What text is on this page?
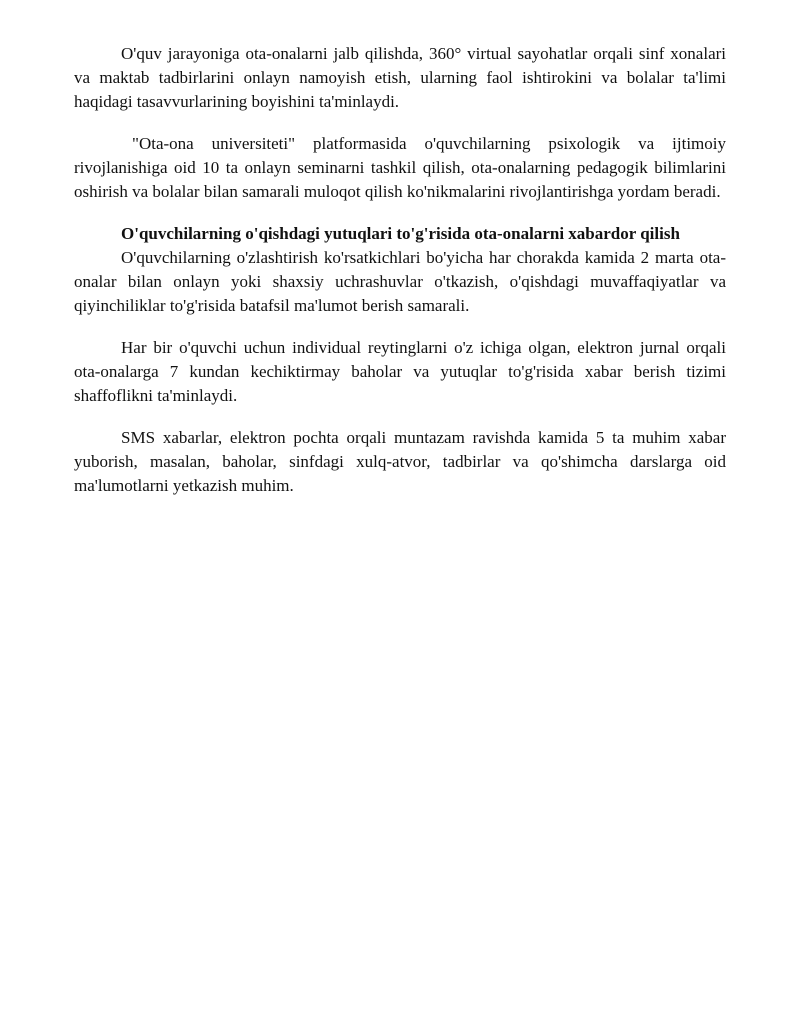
O'quv jarayoniga ota-onalarni jalb qilishda, 360° virtual sayohatlar orqali sinf xonalari va maktab tadbirlarini onlayn namoyish etish, ularning faol ishtirokini va bolalar ta'limi haqidagi tasavvurlarining boyishini ta'minlaydi.

"Ota-ona universiteti" platformasida o'quvchilarning psixologik va ijtimoiy rivojlanishiga oid 10 ta onlayn seminarni tashkil qilish, ota-onalarning pedagogik bilimlarini oshirish va bolalar bilan samarali muloqot qilish ko'nikmalarini rivojlantirishga yordam beradi.

O'quvchilarning o'qishdagi yutuqlari to'g'risida ota-onalarni xabardor qilish

O'quvchilarning o'zlashtirish ko'rsatkichlari bo'yicha har chorakda kamida 2 marta ota-onalar bilan onlayn yoki shaxsiy uchrashuvlar o'tkazish, o'qishdagi muvaffaqiyatlar va qiyinchiliklar to'g'risida batafsil ma'lumot berish samarali.

Har bir o'quvchi uchun individual reytinglarni o'z ichiga olgan, elektron jurnal orqali ota-onalarga 7 kundan kechiktirmay baholar va yutuqlar to'g'risida xabar berish tizimi shaffoflikni ta'minlaydi.

SMS xabarlar, elektron pochta orqali muntazam ravishda kamida 5 ta muhim xabar yuborish, masalan, baholar, sinfdagi xulq-atvor, tadbirlar va qo'shimcha darslarga oid ma'lumotlarni yetkazish muhim.
